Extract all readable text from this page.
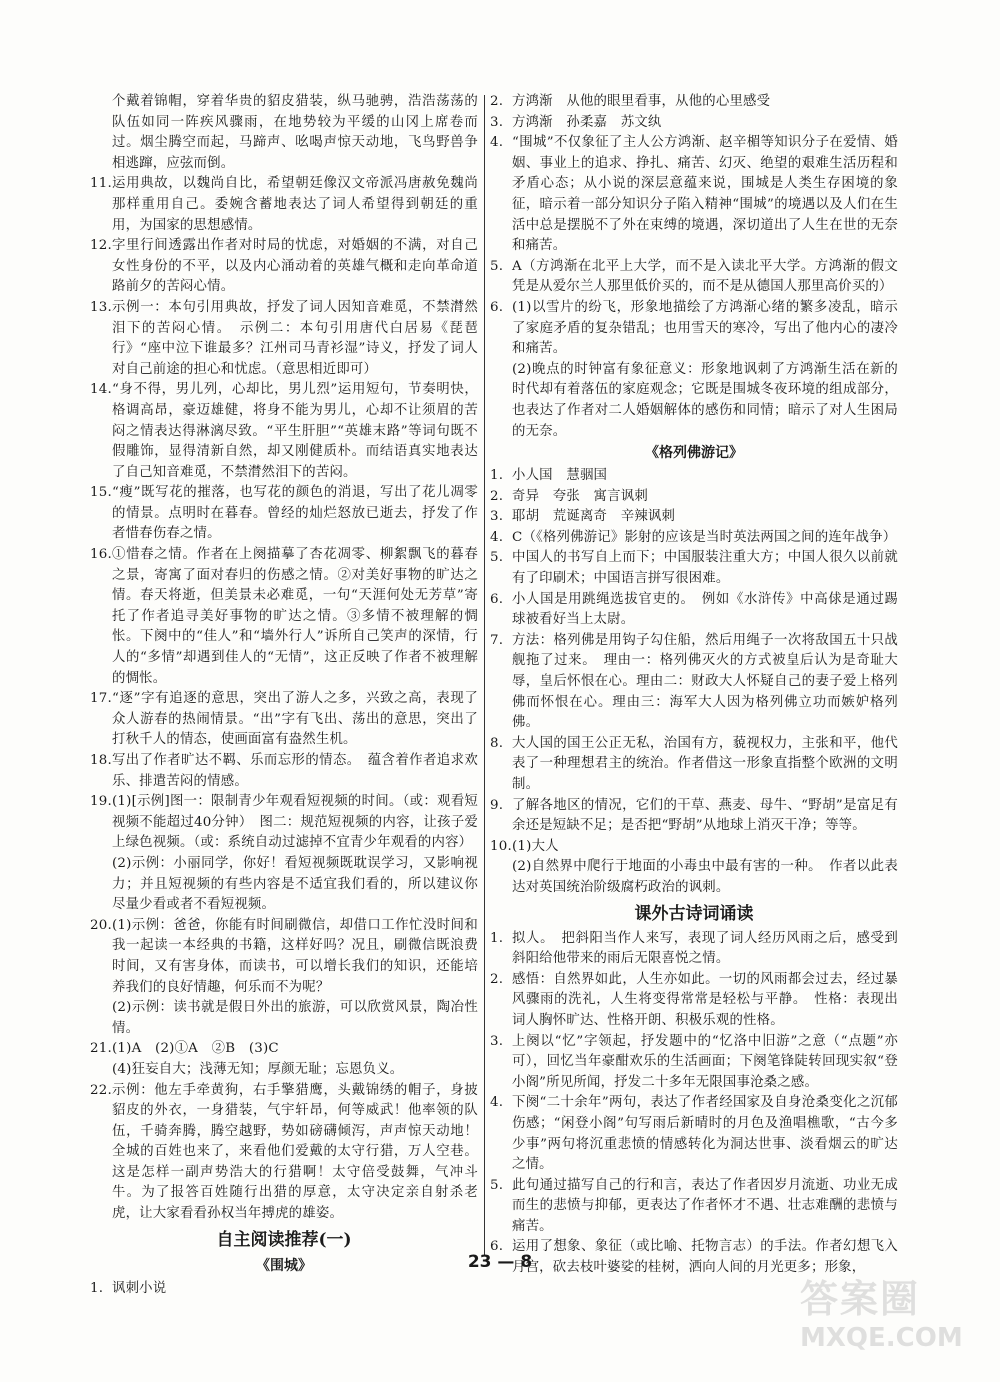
个戴着锦帽，穿着华贵的貂皮猎装，纵马驰骋，浩浩荡荡的队伍如同一阵疾风骤雨，在地势较为平缓的山冈上席卷而过。烟尘腾空而起，马蹄声、吆喝声惊天动地，飞鸟野兽争相逃蹿，应弦而倒。
11. 运用典故，以魏尚自比，希望朝廷像汉文帝派冯唐赦免魏尚那样重用自己。委婉含蓄地表达了词人希望得到朝廷的重用，为国家的思想感情。
12. 字里行间透露出作者对时局的忧虑，对婚姻的不满，对自己女性身份的不平，以及内心涌动着的英雄气概和走向革命道路前夕的苦闷心情。
13. 示例一：本句引用典故，抒发了词人因知音难觅，不禁潸然泪下的苦闷心情。　示例二：本句引用唐代白居易《琵琶行》“座中泣下谁最多？江州司马青衫湿”诗义，抒发了词人对自己前途的担心和忧虑。（意思相近即可）
14. “身不得，男儿列，心却比，男儿烈”运用短句，节奏明快，格调高昂，豪迈雄健，将身不能为男儿，心却不让须眉的苦闷之情表达得淋漓尽致。“平生肝胆”“英雄末路”等词句既不假雕饰，显得清新自然，却又刚健质朴。而结语真实地表达了自己知音难觅，不禁潸然泪下的苦闷。
15. “瘦”既写花的摧落，也写花的颜色的消退，写出了花儿凋零的情景。点明时在暮春。曾经的灿烂怒放已逝去，抒发了作者惜春伤春之情。
16. ①惜春之情。作者在上阕描摹了杏花凋零、柳絮飘飞的暮春之景，寄寓了面对春归的伤感之情。②对美好事物的旷达之情。春天将逝，但美景未必难觅，一句“天涯何处无芳草”寄托了作者追寻美好事物的旷达之情。③多情不被理解的惆怅。下阕中的“佳人”和“墙外行人”诉所自己笑声的深情，行人的“多情”却遇到佳人的“无情”，这正反映了作者不被理解的惆怅。
17. “逐”字有追逐的意思，突出了游人之多，兴致之高，表现了众人游春的热闹情景。“出”字有飞出、荡出的意思，突出了打秋千人的情态，使画面富有盎然生机。
18. 写出了作者旷达不羁、乐而忘形的情态。　蕴含着作者追求欢乐、排遣苦闷的情感。
19. (1)[示例]图一：限制青少年观看短视频的时间。（或：观看短视频不能超过40分钟）　图二：规范短视频的内容，让孩子爱上绿色视频。（或：系统自动过滤掉不宜青少年观看的内容）
(2)示例：小丽同学，你好！看短视频既耽误学习，又影响视力；并且短视频的有些内容是不适宜我们看的，所以建议你尽量少看或者不看短视频。
20. (1)示例：爸爸，你能有时间刷微信，却借口工作忙没时间和我一起读一本经典的书籍，这样好吗？况且，刷微信既浪费时间，又有害身体，而读书，可以增长我们的知识，还能培养我们的良好情趣，何乐而不为呢？
(2)示例：读书就是假日外出的旅游，可以欣赏风景，陶冶性情。
21. (1)A　(2)①A　②B　(3)C
(4)狂妄自大；浅薄无知；厚颜无耻；忘恩负义。
22. 示例：他左手牵黄狗，右手擎猎鹰，头戴锦绣的帽子，身披貂皮的外衣，一身猎装，气宇轩昂，何等威武！他率领的队伍，千骑奔腾，腾空越野，势如磅礴倾泻，声声惊天动地！全城的百姓也来了，来看他们爱戴的太守行猎，万人空巷。这是怎样一副声势浩大的行猎啊！太守倍受鼓舞，气冲斗牛。为了报答百姓随行出猎的厚意，太守决定亲自射杀老虎，让大家看看孙权当年搏虎的雄姿。
自主阅读推荐(一)
《围城》
1. 讽刺小说
2. 方鸿渐　从他的眼里看事，从他的心里感受
3. 方鸿渐　孙柔嘉　苏文纨
4. “围城”不仅象征了主人公方鸿渐、赵辛楣等知识分子在爱情、婚姻、事业上的追求、挣扎、痛苦、幻灭、绝望的艰难生活历程和矛盾心态；从小说的深层意蕴来说，围城是人类生存困境的象征，暗示着一部分知识分子陷入精神“围城”的境遇以及人们在生活中总是摆脱不了外在束缚的境遇，深切道出了人生在世的无奈和痛苦。
5. A（方鸿渐在北平上大学，而不是入读北平大学。方鸿渐的假文凭是从爱尔兰人那里低价买的，而不是从德国人那里高价买的）
6. (1)以雪片的纷飞，形象地描绘了方鸿渐心绪的繁多凌乱，暗示了家庭矛盾的复杂错乱；也用雪天的寒冷，写出了他内心的凄冷和痛苦。
(2)晚点的时钟富有象征意义：形象地讽刺了方鸿渐生活在新的时代却有着落伍的家庭观念；它既是围城冬夜环境的组成部分，也表达了作者对二人婚姻解体的感伤和同情；暗示了对人生困局的无奈。
《格列佛游记》
1. 小人国　慧骃国
2. 奇异　夸张　寓言讽刺
3. 耶胡　荒诞离奇　辛辣讽刺
4. C（《格列佛游记》影射的应该是当时英法两国之间的连年战争）
5. 中国人的书写自上而下；中国服装注重大方；中国人很久以前就有了印刷术；中国语言拼写很困难。
6. 小人国是用跳绳选拔官吏的。　例如《水浒传》中高俅是通过踢球被看好当上太尉。
7. 方法：格列佛是用钩子勾住船，然后用绳子一次将敌国五十只战舰拖了过来。　理由一：格列佛灭火的方式被皇后认为是奇耻大辱，皇后怀恨在心。理由二：财政大人怀疑自己的妻子爱上格列佛而怀恨在心。理由三：海军大人因为格列佛立功而嫉妒格列佛。
8. 大人国的国王公正无私，治国有方，藐视权力，主张和平，他代表了一种理想君主的统治。作者借这一形象直指整个欧洲的文明制。
9. 了解各地区的情况，它们的干草、燕麦、母牛、“野胡”是富足有余还是短缺不足；是否把“野胡”从地球上消灭干净；等等。
10. (1)大人
(2)自然界中爬行于地面的小毒虫中最有害的一种。　作者以此表达对英国统治阶级腐朽政治的讽刺。
课外古诗词诵读
1. 拟人。　把斜阳当作人来写，表现了词人经历风雨之后，感受到斜阳给他带来的雨后无限喜悦之情。
2. 感悟：自然界如此，人生亦如此。一切的风雨都会过去，经过暴风骤雨的洗礼，人生将变得常常是轻松与平静。　性格：表现出词人胸怀旷达、性格开朗、积极乐观的性格。
3. 上阕以“忆”字领起，抒发题中的“忆洛中旧游”之意（“点题”亦可），回忆当年豪酣欢乐的生活画面；下阕笔锋陡转回现实叙“登小阁”所见所闻，抒发二十多年无限国事沧桑之感。
4. 下阕“二十余年”两句，表达了作者经国家及自身沧桑变化之沉郁伤感；“闲登小阁”句写雨后新晴时的月色及渔唱樵歌，“古今多少事”两句将沉重悲愤的情感转化为洞达世事、淡看烟云的旷达之情。
5. 此句通过描写自己的行和言，表达了作者因岁月流逝、功业无成而生的悲愤与抑郁，更表达了作者怀才不遇、壮志难酬的悲愤与痛苦。
6. 运用了想象、象征（或比喻、托物言志）的手法。作者幻想飞入月宫，砍去枝叶婆娑的桂树，洒向人间的月光更多；形象，
23 — 8
答案圈
MXQE.COM
